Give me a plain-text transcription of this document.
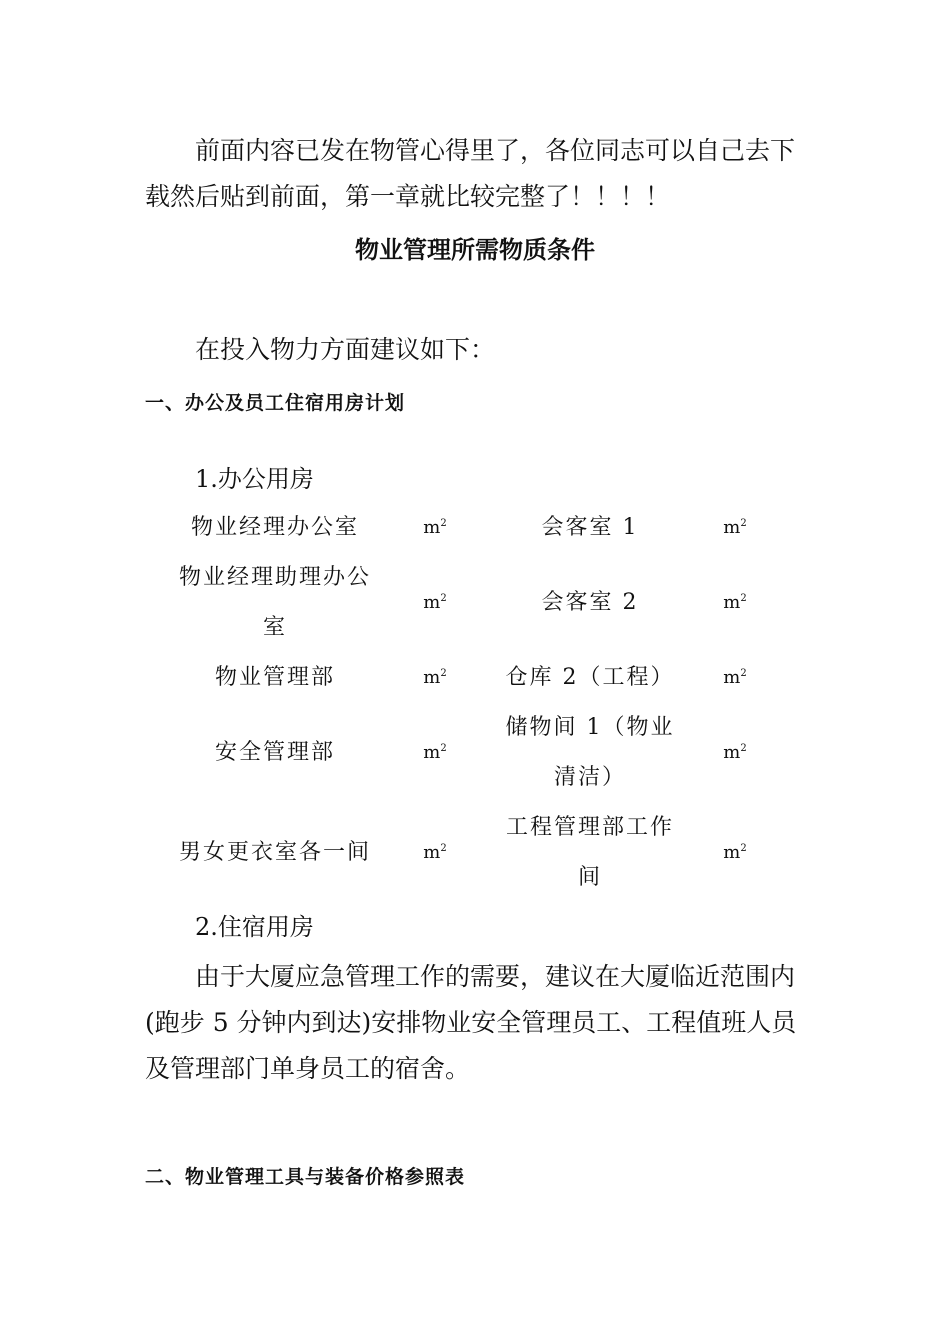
前面内容已发在物管心得里了，各位同志可以自己去下载然后贴到前面，第一章就比较完整了！！！！

物业管理所需物质条件

在投入物力方面建议如下：

一、办公及员工住宿用房计划

1.办公用房

物业经理办公室	$m^2$	会客室 1	$m^2$
物业经理助理办公室	$m^2$	会客室 2	$m^2$
物业管理部	$m^2$	仓库 2（工程）	$m^2$
安全管理部	$m^2$	储物间 1（物业清洁）	$m^2$
男女更衣室各一间	$m^2$	工程管理部工作间	$m^2$

2.住宿用房

由于大厦应急管理工作的需要，建议在大厦临近范围内(跑步 5 分钟内到达)安排物业安全管理员工、工程值班人员及管理部门单身员工的宿舍。

二、物业管理工具与装备价格参照表
